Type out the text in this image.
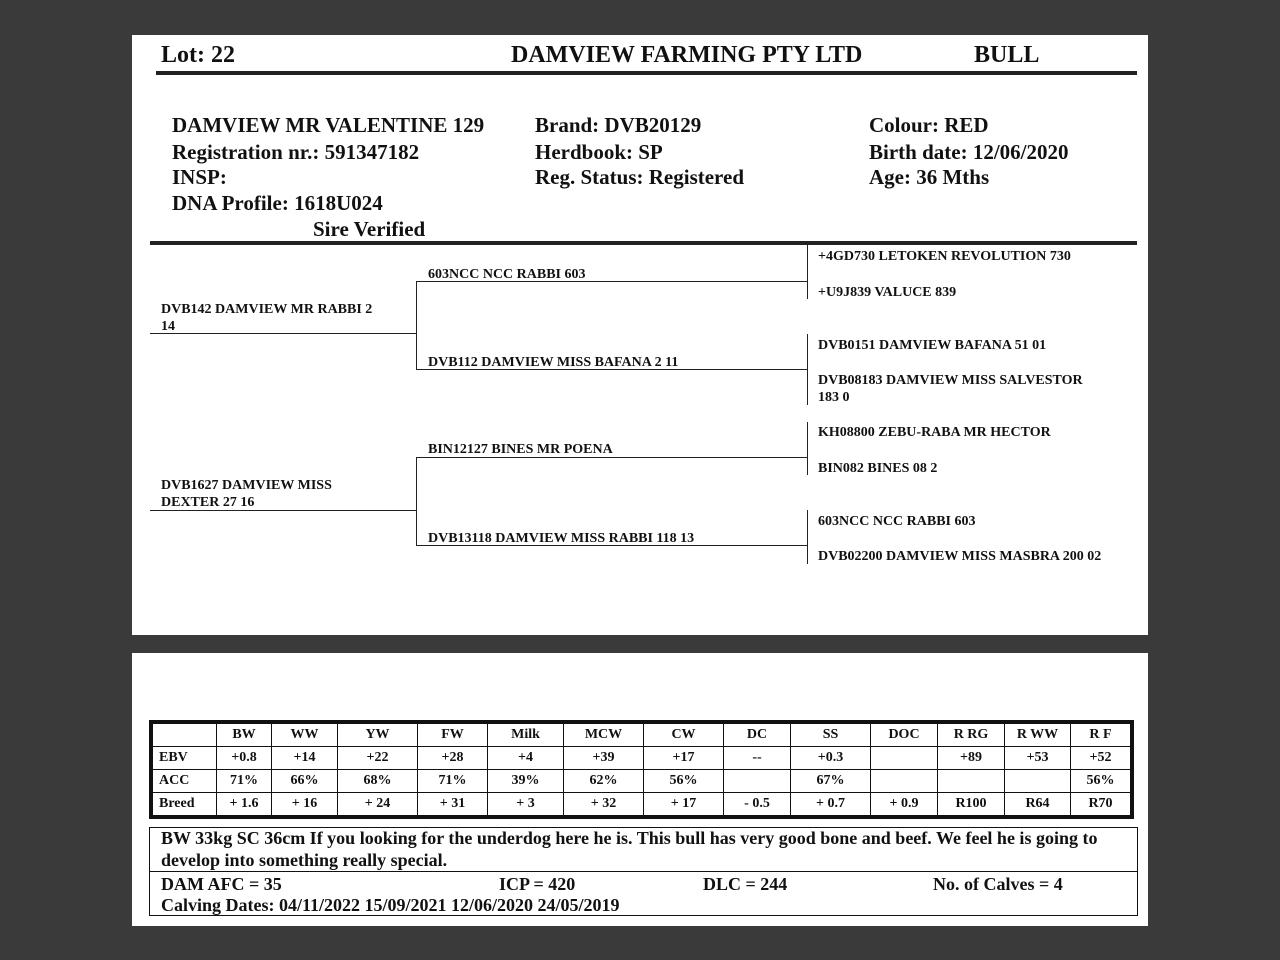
Lot: 22	DAMVIEW FARMING PTY LTD	BULL
DAMVIEW MR VALENTINE 129
Registration nr.: 591347182
INSP:
DNA Profile: 1618U024
Sire Verified
Brand: DVB20129
Herdbook: SP
Reg. Status: Registered
Colour: RED
Birth date: 12/06/2020
Age: 36 Mths
DVB142 DAMVIEW MR RABBI 2
14
DVB1627 DAMVIEW MISS
DEXTER 27 16
603NCC NCC RABBI 603
DVB112 DAMVIEW MISS BAFANA 2 11
BIN12127 BINES MR POENA
DVB13118 DAMVIEW MISS RABBI 118 13
+4GD730 LETOKEN REVOLUTION 730
+U9J839 VALUCE 839
DVB0151 DAMVIEW BAFANA 51 01
DVB08183 DAMVIEW MISS SALVESTOR
183 0
KH08800 ZEBU-RABA MR HECTOR
BIN082 BINES 08 2
603NCC NCC RABBI 603
DVB02200 DAMVIEW MISS MASBRA 200 02
	BW	WW	YW	FW	Milk	MCW	CW	DC	SS	DOC	R RG	R WW	R F
EBV	+0.8	+14	+22	+28	+4	+39	+17	--	+0.3		+89	+53	+52
ACC	71%	66%	68%	71%	39%	62%	56%		67%				56%
Breed	+ 1.6	+ 16	+ 24	+ 31	+ 3	+ 32	+ 17	- 0.5	+ 0.7	+ 0.9	R100	R64	R70
BW 33kg SC 36cm If you looking for the underdog here he is. This bull has very good bone and beef. We feel he is going to develop into something really special.
DAM AFC = 35	ICP = 420	DLC = 244	No. of Calves = 4
Calving Dates: 04/11/2022 15/09/2021 12/06/2020 24/05/2019
